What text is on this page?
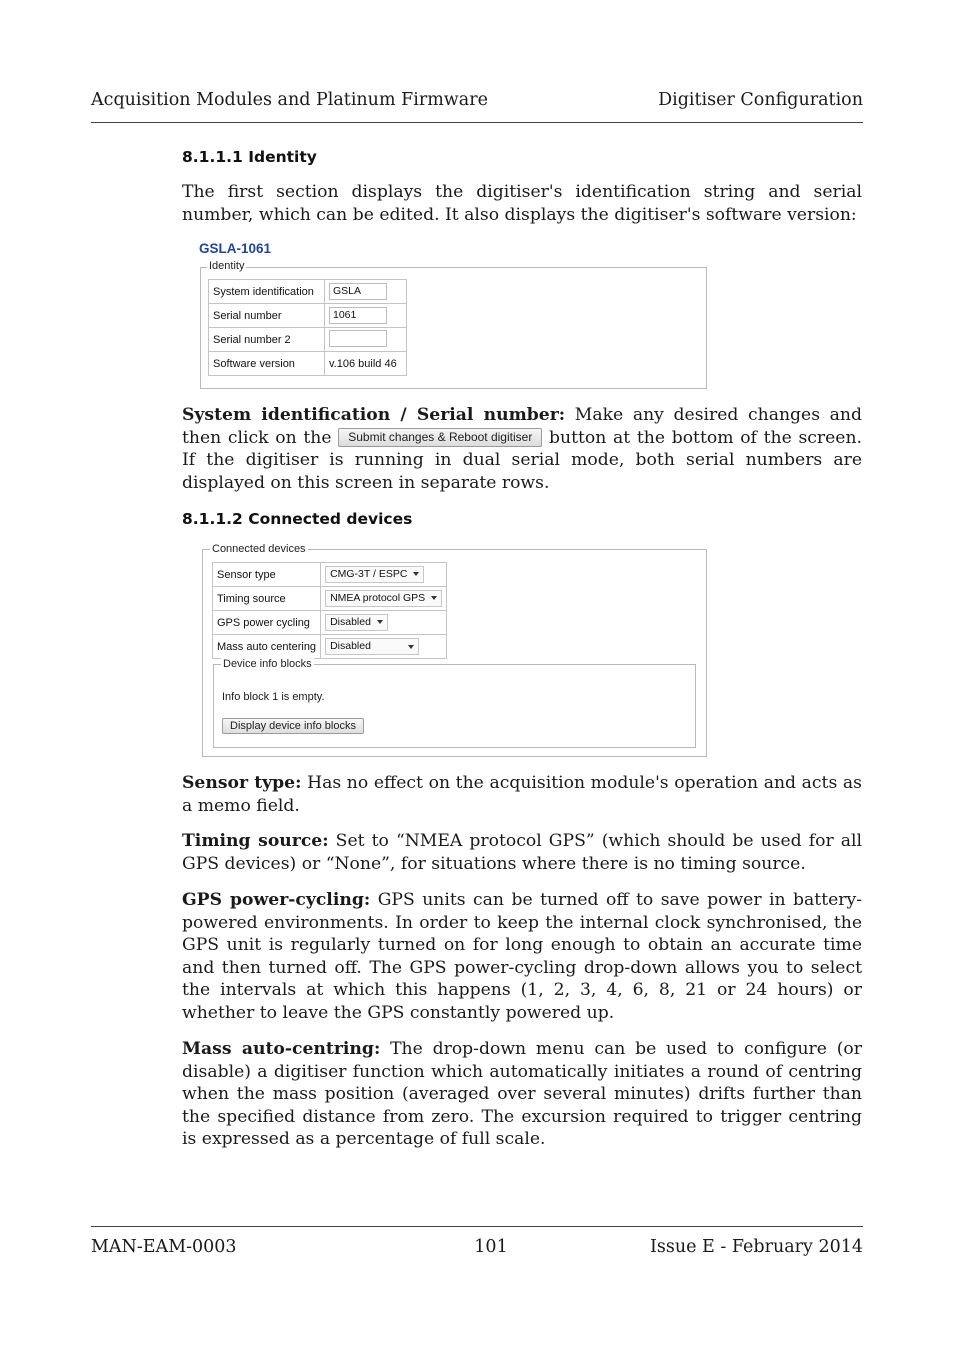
Acquisition Modules and Platinum Firmware	Digitiser Configuration
8.1.1.1 Identity
The first section displays the digitiser's identification string and serial number, which can be edited. It also displays the digitiser's software version:
GSLA-1061
Identity
System identification	GSLA
Serial number	1061
Serial number 2	
Software version	v.106 build 46
System identification / Serial number: Make any desired changes and then click on the Submit changes & Reboot digitiser button at the bottom of the screen. If the digitiser is running in dual serial mode, both serial numbers are displayed on this screen in separate rows.
8.1.1.2 Connected devices
Connected devices
Sensor type	CMG-3T / ESPC
Timing source	NMEA protocol GPS
GPS power cycling	Disabled
Mass auto centering	Disabled
Device info blocks
Info block 1 is empty.
Display device info blocks
Sensor type: Has no effect on the acquisition module's operation and acts as a memo field.
Timing source: Set to “NMEA protocol GPS” (which should be used for all GPS devices) or “None”, for situations where there is no timing source.
GPS power-cycling: GPS units can be turned off to save power in battery-powered environments. In order to keep the internal clock synchronised, the GPS unit is regularly turned on for long enough to obtain an accurate time and then turned off. The GPS power-cycling drop-down allows you to select the intervals at which this happens (1, 2, 3, 4, 6, 8, 21 or 24 hours) or whether to leave the GPS constantly powered up.
Mass auto-centring: The drop-down menu can be used to configure (or disable) a digitiser function which automatically initiates a round of centring when the mass position (averaged over several minutes) drifts further than the specified distance from zero. The excursion required to trigger centring is expressed as a percentage of full scale.
MAN-EAM-0003	101	Issue E - February 2014
